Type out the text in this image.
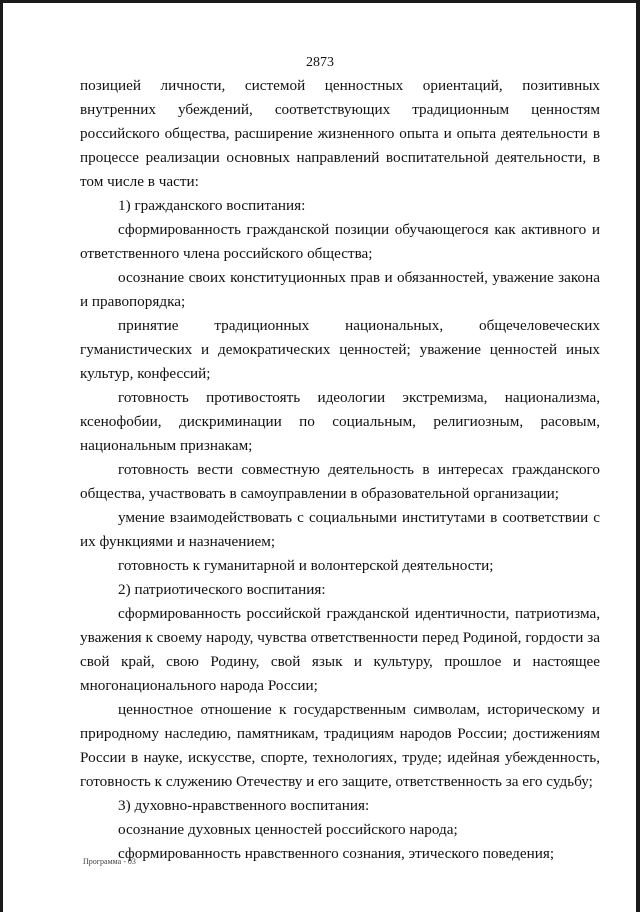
2873

позицией личности, системой ценностных ориентаций, позитивных внутренних убеждений, соответствующих традиционным ценностям российского общества, расширение жизненного опыта и опыта деятельности в процессе реализации основных направлений воспитательной деятельности, в том числе в части:

1) гражданского воспитания:

сформированность гражданской позиции обучающегося как активного и ответственного члена российского общества;

осознание своих конституционных прав и обязанностей, уважение закона и правопорядка;

принятие традиционных национальных, общечеловеческих гуманистических и демократических ценностей; уважение ценностей иных культур, конфессий;

готовность противостоять идеологии экстремизма, национализма, ксенофобии, дискриминации по социальным, религиозным, расовым, национальным признакам;

готовность вести совместную деятельность в интересах гражданского общества, участвовать в самоуправлении в образовательной организации;

умение взаимодействовать с социальными институтами в соответствии с их функциями и назначением;

готовность к гуманитарной и волонтерской деятельности;

2) патриотического воспитания:

сформированность российской гражданской идентичности, патриотизма, уважения к своему народу, чувства ответственности перед Родиной, гордости за свой край, свою Родину, свой язык и культуру, прошлое и настоящее многонационального народа России;

ценностное отношение к государственным символам, историческому и природному наследию, памятникам, традициям народов России; достижениям России в науке, искусстве, спорте, технологиях, труде; идейная убежденность, готовность к служению Отечеству и его защите, ответственность за его судьбу;

3) духовно-нравственного воспитания:

осознание духовных ценностей российского народа;

сформированность нравственного сознания, этического поведения;

Программа - 03
